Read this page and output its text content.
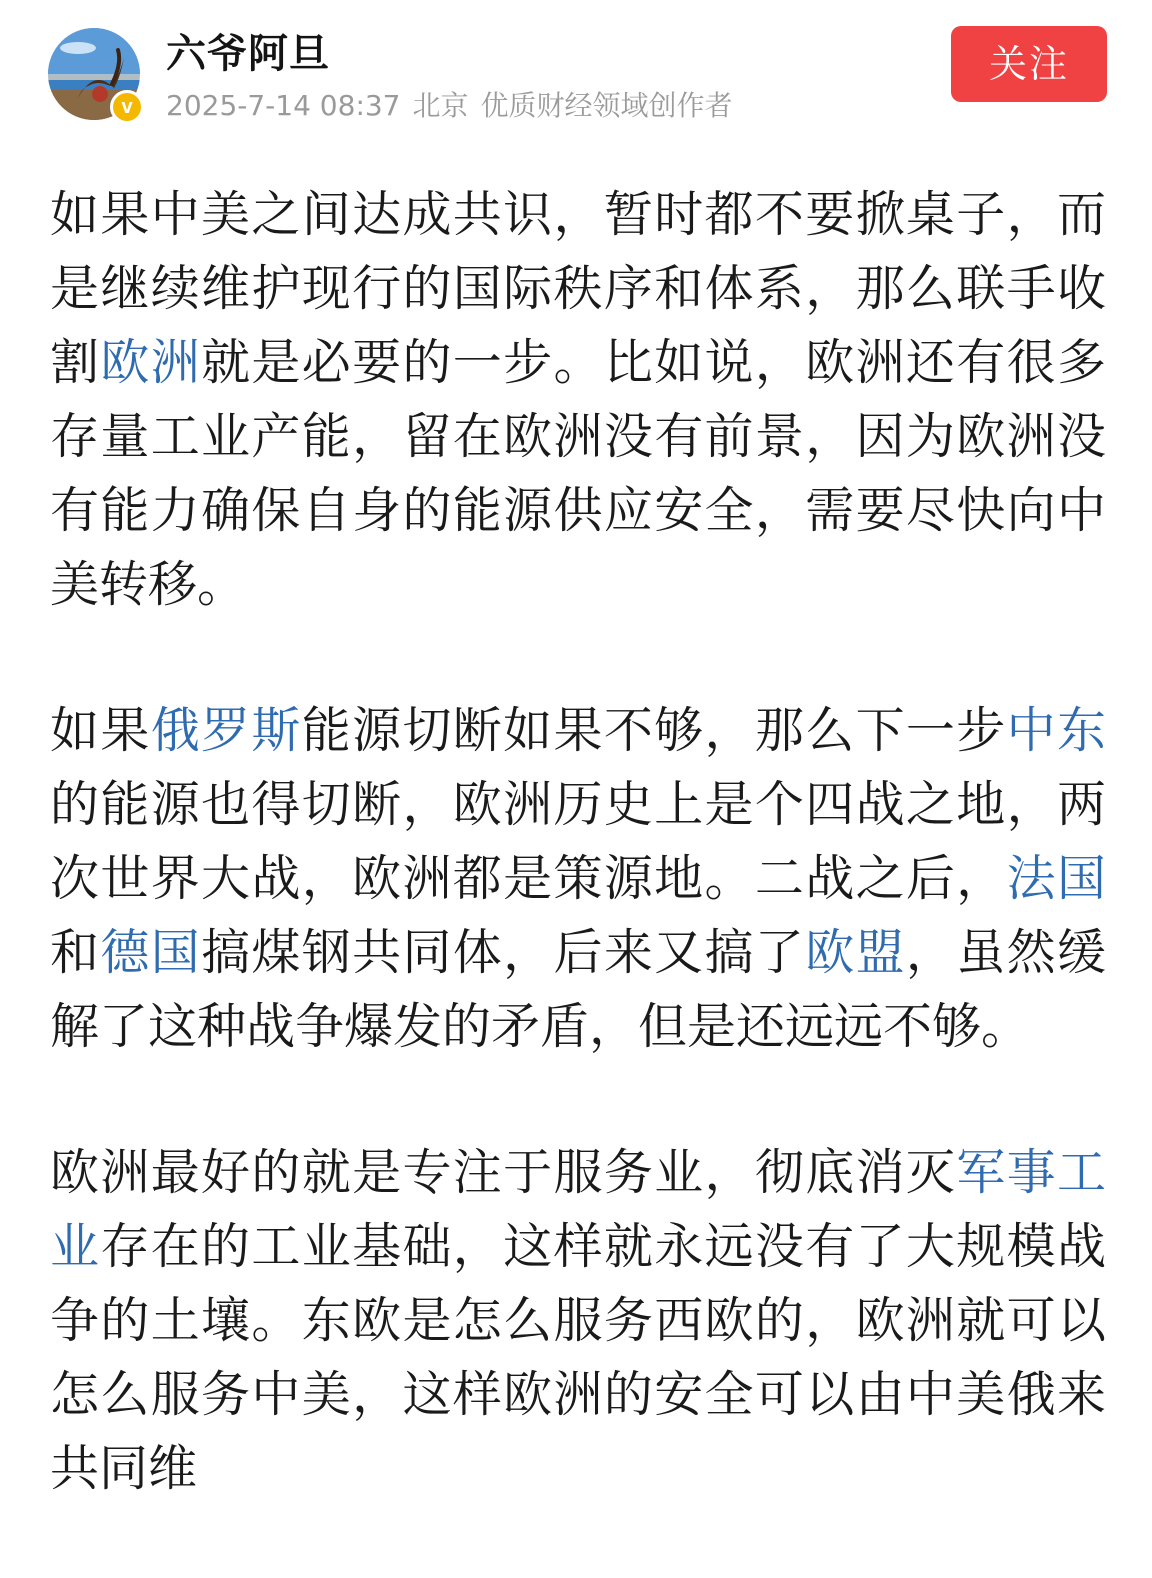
v
六爷阿旦
2025-7-14 08:37 北京 优质财经领域创作者
关注

如果中美之间达成共识，暂时都不要掀桌子，而是继续维护现行的国际秩序和体系，那么联手收割欧洲就是必要的一步。比如说，欧洲还有很多存量工业产能，留在欧洲没有前景，因为欧洲没有能力确保自身的能源供应安全，需要尽快向中美转移。

如果俄罗斯能源切断如果不够，那么下一步中东的能源也得切断，欧洲历史上是个四战之地，两次世界大战，欧洲都是策源地。二战之后，法国和德国搞煤钢共同体，后来又搞了欧盟，虽然缓解了这种战争爆发的矛盾，但是还远远不够。

欧洲最好的就是专注于服务业，彻底消灭军事工业存在的工业基础，这样就永远没有了大规模战争的土壤。东欧是怎么服务西欧的，欧洲就可以怎么服务中美，这样欧洲的安全可以由中美俄来共同维
